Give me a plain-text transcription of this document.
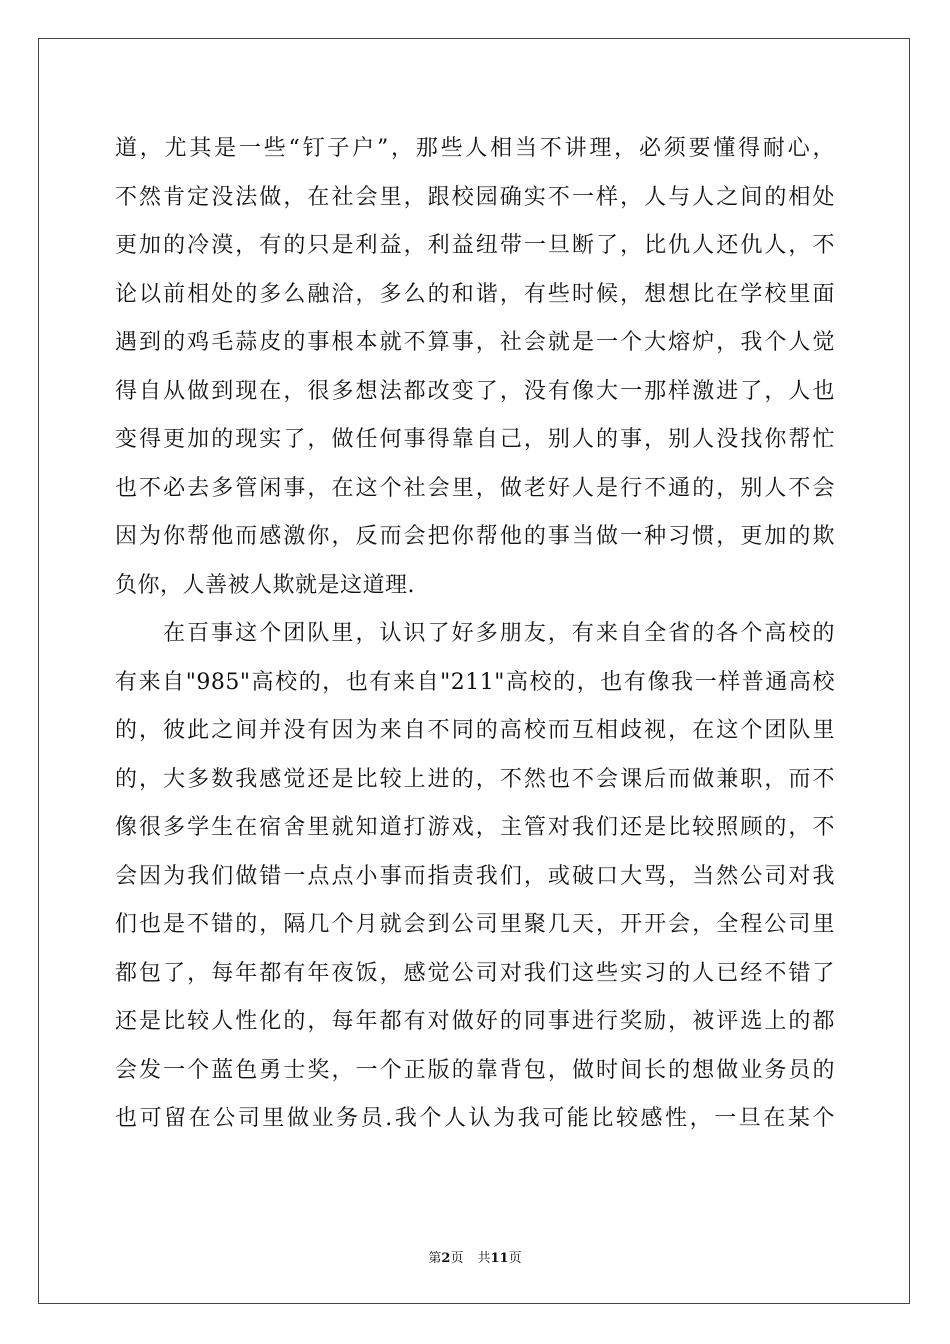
道，尤其是一些“钉子户”，那些人相当不讲理，必须要懂得耐心，
不然肯定没法做，在社会里，跟校园确实不一样，人与人之间的相处
更加的冷漠，有的只是利益，利益纽带一旦断了，比仇人还仇人，不
论以前相处的多么融洽，多么的和谐，有些时候，想想比在学校里面
遇到的鸡毛蒜皮的事根本就不算事，社会就是一个大熔炉，我个人觉
得自从做到现在，很多想法都改变了，没有像大一那样激进了，人也
变得更加的现实了，做任何事得靠自己，别人的事，别人没找你帮忙
也不必去多管闲事，在这个社会里，做老好人是行不通的，别人不会
因为你帮他而感激你，反而会把你帮他的事当做一种习惯，更加的欺
负你，人善被人欺就是这道理.
在百事这个团队里，认识了好多朋友，有来自全省的各个高校的
有来自"985"高校的，也有来自"211"高校的，也有像我一样普通高校
的，彼此之间并没有因为来自不同的高校而互相歧视，在这个团队里
的，大多数我感觉还是比较上进的，不然也不会课后而做兼职，而不
像很多学生在宿舍里就知道打游戏，主管对我们还是比较照顾的，不
会因为我们做错一点点小事而指责我们，或破口大骂，当然公司对我
们也是不错的，隔几个月就会到公司里聚几天，开开会，全程公司里
都包了，每年都有年夜饭，感觉公司对我们这些实习的人已经不错了
还是比较人性化的，每年都有对做好的同事进行奖励，被评选上的都
会发一个蓝色勇士奖，一个正版的靠背包，做时间长的想做业务员的
也可留在公司里做业务员.我个人认为我可能比较感性，一旦在某个
第2页 共11页
